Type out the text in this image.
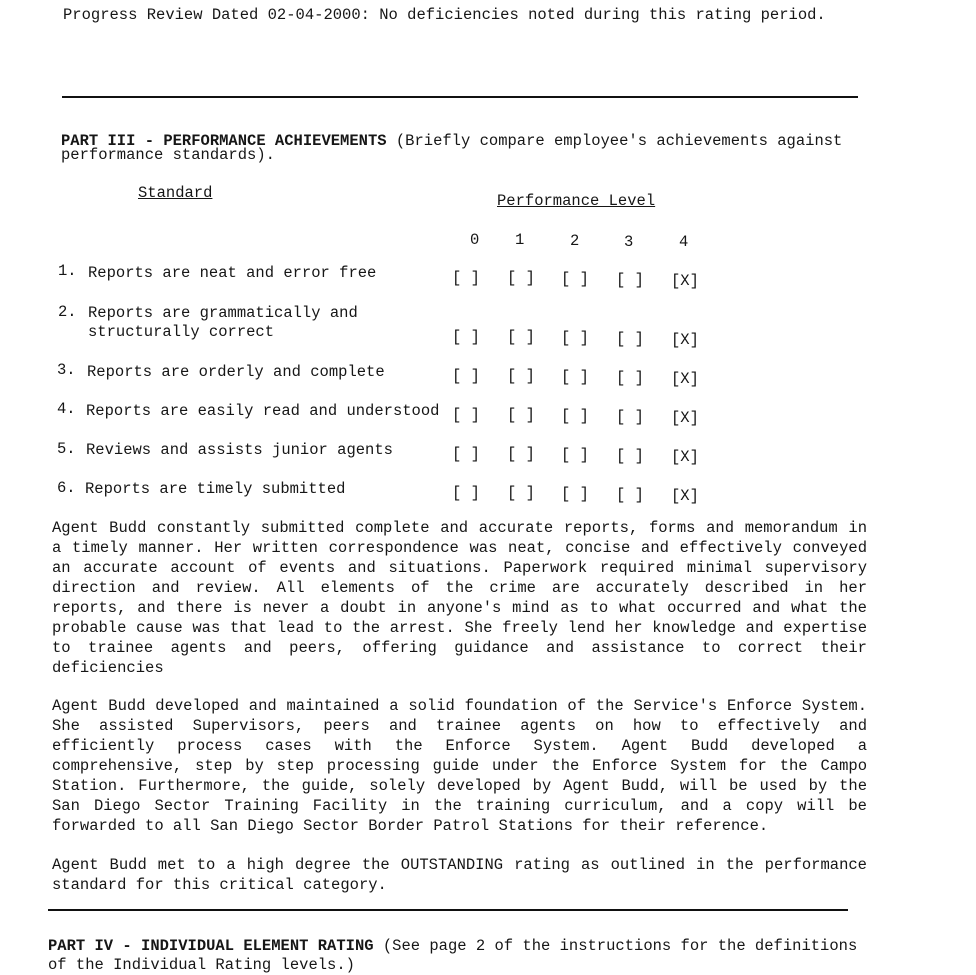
Progress Review Dated 02-04-2000: No deficiencies noted during this rating period.
PART III - PERFORMANCE ACHIEVEMENTS (Briefly compare employee's achievements against
performance standards).
Standard	Performance Level
0 1	2	3	4
1. Reports are neat and error free	[ ] [ ] [ ] [ ] [X]
2. Reports are grammatically and
structurally correct	[ ] [ ] [ ] [ ] [X]
3. Reports are orderly and complete	[ ] [ ] [ ] [ ] [X]
4. Reports are easily read and understood [ ] [ ] [ ] [ ] [X]
5. Reviews and assists junior agents	[ ] [ ] [ ] [ ] [X]
6. Reports are timely submitted	[ ] [ ] [ ] [ ] [X]
Agent Budd constantly submitted complete and accurate reports, forms and memorandum in a timely manner. Her written correspondence was neat, concise and effectively conveyed an accurate account of events and situations. Paperwork required minimal supervisory direction and review. All elements of the crime are accurately described in her reports, and there is never a doubt in anyone's mind as to what occurred and what the probable cause was that lead to the arrest. She freely lend her knowledge and expertise to trainee agents and peers, offering guidance and assistance to correct their deficiencies
Agent Budd developed and maintained a solid foundation of the Service's Enforce System. She assisted Supervisors, peers and trainee agents on how to effectively and efficiently process cases with the Enforce System. Agent Budd developed a comprehensive, step by step processing guide under the Enforce System for the Campo Station. Furthermore, the guide, solely developed by Agent Budd, will be used by the San Diego Sector Training Facility in the training curriculum, and a copy will be forwarded to all San Diego Sector Border Patrol Stations for their reference.
Agent Budd met to a high degree the OUTSTANDING rating as outlined in the performance standard for this critical category.
PART IV - INDIVIDUAL ELEMENT RATING (See page 2 of the instructions for the definitions
of the Individual Rating levels.)
